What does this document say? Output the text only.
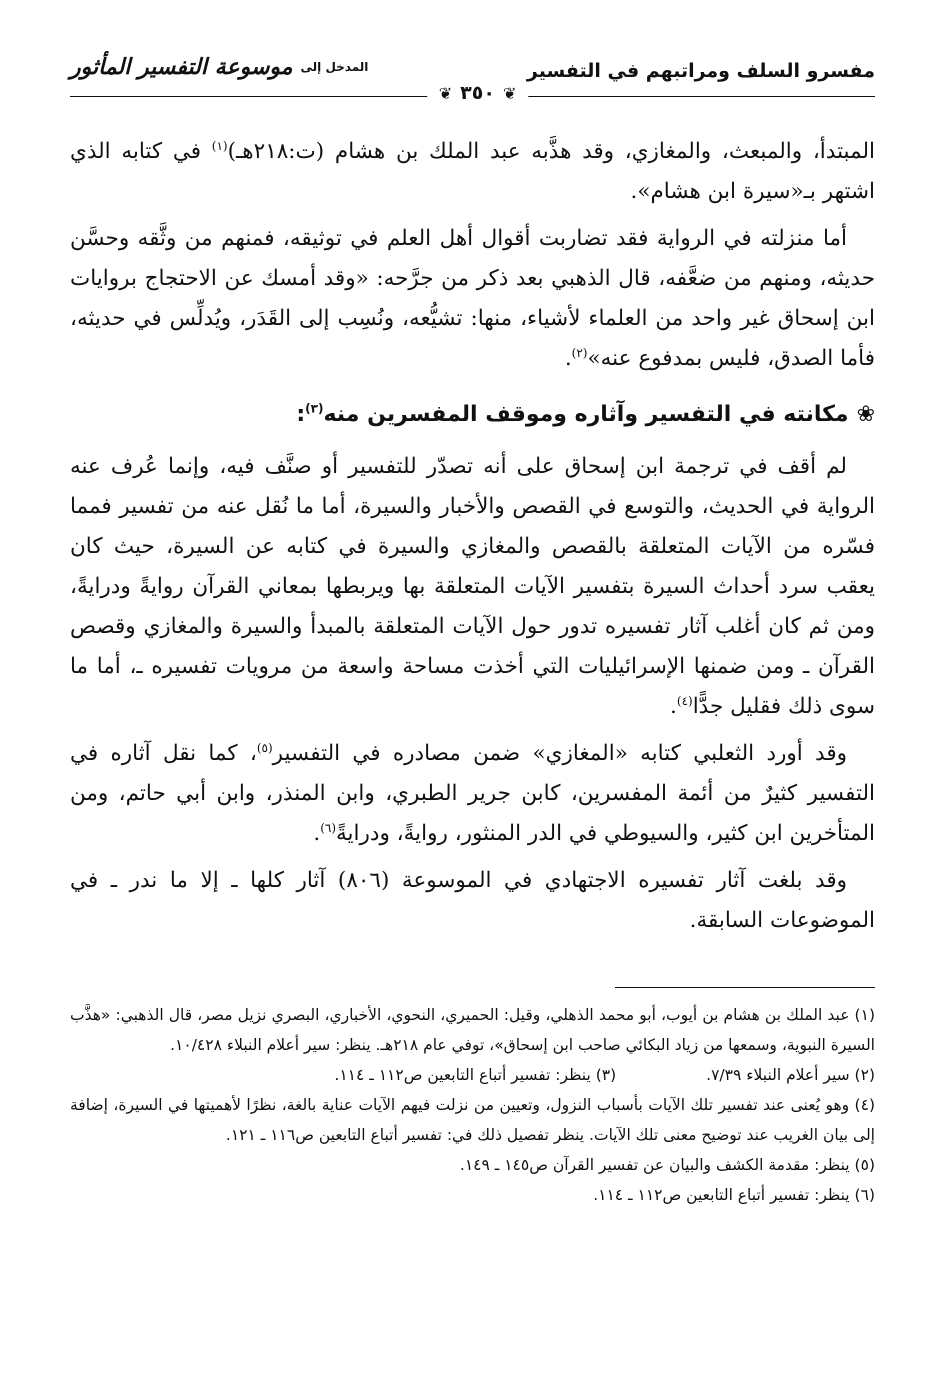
مفسرو السلف ومراتبهم في التفسير
المدخل إلى
موسوعة التفسير المأثور
❦
٣٥٠
❦

المبتدأ، والمبعث، والمغازي، وقد هذَّبه عبد الملك بن هشام (ت:٢١٨هـ)$^{(١)}$ في كتابه الذي اشتهر بـ«سيرة ابن هشام».

أما منزلته في الرواية فقد تضاربت أقوال أهل العلم في توثيقه، فمنهم من وثَّقه وحسَّن حديثه، ومنهم من ضعَّفه، قال الذهبي بعد ذكر من جرَّحه: «وقد أمسك عن الاحتجاج بروايات ابن إسحاق غير واحد من العلماء لأشياء، منها: تشيُّعه، ونُسِب إلى القَدَر، ويُدلِّس في حديثه، فأما الصدق، فليس بمدفوع عنه»$^{(٢)}$.

❀
مكانته في التفسير وآثاره وموقف المفسرين منه$^{(٣)}$:

لم أقف في ترجمة ابن إسحاق على أنه تصدّر للتفسير أو صنَّف فيه، وإنما عُرف عنه الرواية في الحديث، والتوسع في القصص والأخبار والسيرة، أما ما نُقل عنه من تفسير فمما فسّره من الآيات المتعلقة بالقصص والمغازي والسيرة في كتابه عن السيرة، حيث كان يعقب سرد أحداث السيرة بتفسير الآيات المتعلقة بها ويربطها بمعاني القرآن روايةً ودرايةً، ومن ثم كان أغلب آثار تفسيره تدور حول الآيات المتعلقة بالمبدأ والسيرة والمغازي وقصص القرآن ـ ومن ضمنها الإسرائيليات التي أخذت مساحة واسعة من مرويات تفسيره ـ، أما ما سوى ذلك فقليل جدًّا$^{(٤)}$.

وقد أورد الثعلبي كتابه «المغازي» ضمن مصادره في التفسير$^{(٥)}$، كما نقل آثاره في التفسير كثيرٌ من أئمة المفسرين، كابن جرير الطبري، وابن المنذر، وابن أبي حاتم، ومن المتأخرين ابن كثير، والسيوطي في الدر المنثور، روايةً، ودرايةً$^{(٦)}$.

وقد بلغت آثار تفسيره الاجتهادي في الموسوعة (٨٠٦) آثار كلها ـ إلا ما ندر ـ في الموضوعات السابقة.

(١) عبد الملك بن هشام بن أيوب، أبو محمد الذهلي، وقيل: الحميري، النحوي، الأخباري، البصري نزيل مصر، قال الذهبي: «هذَّب السيرة النبوية، وسمعها من زياد البكائي صاحب ابن إسحاق»، توفي عام ٢١٨هـ. ينظر: سير أعلام النبلاء ١٠/٤٢٨.

(٢) سير أعلام النبلاء ٧/٣٩.

(٣) ينظر: تفسير أتباع التابعين ص١١٢ ـ ١١٤.

(٤) وهو يُعنى عند تفسير تلك الآيات بأسباب النزول، وتعيين من نزلت فيهم الآيات عناية بالغة، نظرًا لأهميتها في السيرة، إضافة إلى بيان الغريب عند توضيح معنى تلك الآيات. ينظر تفصيل ذلك في: تفسير أتباع التابعين ص١١٦ ـ ١٢١.

(٥) ينظر: مقدمة الكشف والبيان عن تفسير القرآن ص١٤٥ ـ ١٤٩.

(٦) ينظر: تفسير أتباع التابعين ص١١٢ ـ ١١٤.
